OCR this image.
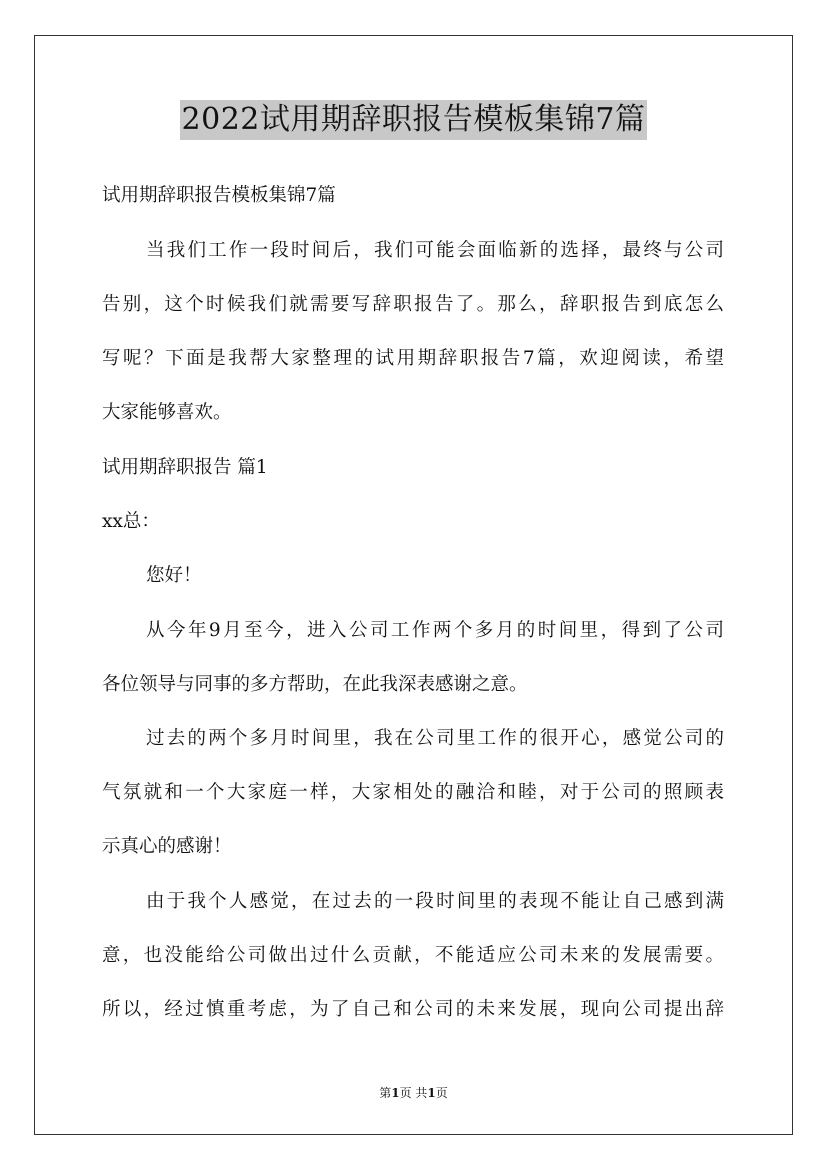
2022试用期辞职报告模板集锦7篇
试用期辞职报告模板集锦7篇
当我们工作一段时间后，我们可能会面临新的选择，最终与公司
告别，这个时候我们就需要写辞职报告了。那么，辞职报告到底怎么
写呢？下面是我帮大家整理的试用期辞职报告7篇，欢迎阅读，希望
大家能够喜欢。
试用期辞职报告 篇1
xx总：
您好！
从今年9月至今，进入公司工作两个多月的时间里，得到了公司
各位领导与同事的多方帮助，在此我深表感谢之意。
过去的两个多月时间里，我在公司里工作的很开心，感觉公司的
气氛就和一个大家庭一样，大家相处的融洽和睦，对于公司的照顾表
示真心的感谢！
由于我个人感觉，在过去的一段时间里的表现不能让自己感到满
意，也没能给公司做出过什么贡献，不能适应公司未来的发展需要。
所以，经过慎重考虑，为了自己和公司的未来发展，现向公司提出辞
第1页 共1页
